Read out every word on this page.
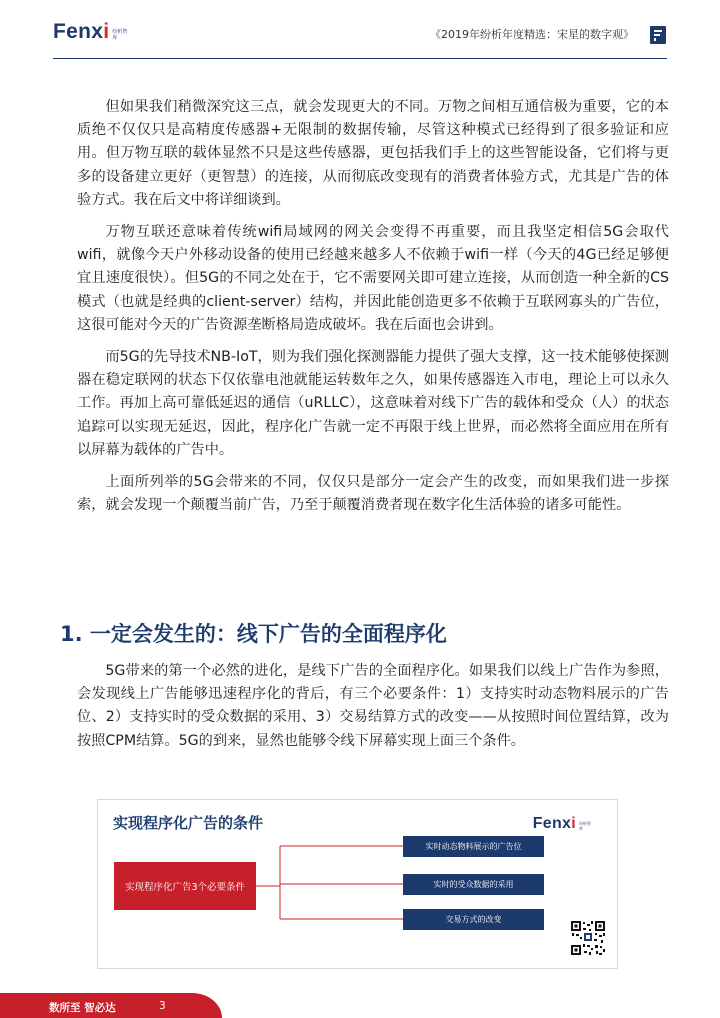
Fenxi 纷析智库	《2019年纷析年度精选：宋星的数字观》

但如果我们稍微深究这三点，就会发现更大的不同。万物之间相互通信极为重要，它的本质绝不仅仅只是高精度传感器+无限制的数据传输，尽管这种模式已经得到了很多验证和应用。但万物互联的载体显然不只是这些传感器，更包括我们手上的这些智能设备，它们将与更多的设备建立更好（更智慧）的连接，从而彻底改变现有的消费者体验方式，尤其是广告的体验方式。我在后文中将详细谈到。

万物互联还意味着传统wifi局域网的网关会变得不再重要，而且我坚定相信5G会取代wifi，就像今天户外移动设备的使用已经越来越多人不依赖于wifi一样（今天的4G已经足够便宜且速度很快）。但5G的不同之处在于，它不需要网关即可建立连接，从而创造一种全新的CS模式（也就是经典的client-server）结构，并因此能创造更多不依赖于互联网寡头的广告位，这很可能对今天的广告资源垄断格局造成破坏。我在后面也会讲到。

而5G的先导技术NB-IoT，则为我们强化探测器能力提供了强大支撑，这一技术能够使探测器在稳定联网的状态下仅依靠电池就能运转数年之久，如果传感器连入市电，理论上可以永久工作。再加上高可靠低延迟的通信（uRLLC），这意味着对线下广告的载体和受众（人）的状态追踪可以实现无延迟，因此，程序化广告就一定不再限于线上世界，而必然将全面应用在所有以屏幕为载体的广告中。

上面所列举的5G会带来的不同，仅仅只是部分一定会产生的改变，而如果我们进一步探索，就会发现一个颠覆当前广告，乃至于颠覆消费者现在数字化生活体验的诸多可能性。

1. 一定会发生的：线下广告的全面程序化

5G带来的第一个必然的进化，是线下广告的全面程序化。如果我们以线上广告作为参照，会发现线上广告能够迅速程序化的背后，有三个必要条件：1）支持实时动态物料展示的广告位、2）支持实时的受众数据的采用、3）交易结算方式的改变——从按照时间位置结算，改为按照CPM结算。5G的到来，显然也能够令线下屏幕实现上面三个条件。

实现程序化广告的条件	Fenxi 纷析智库
实现程序化广告3个必要条件
实时动态物料展示的广告位
实时的受众数据的采用
交易方式的改变
数所至 智必达	3
